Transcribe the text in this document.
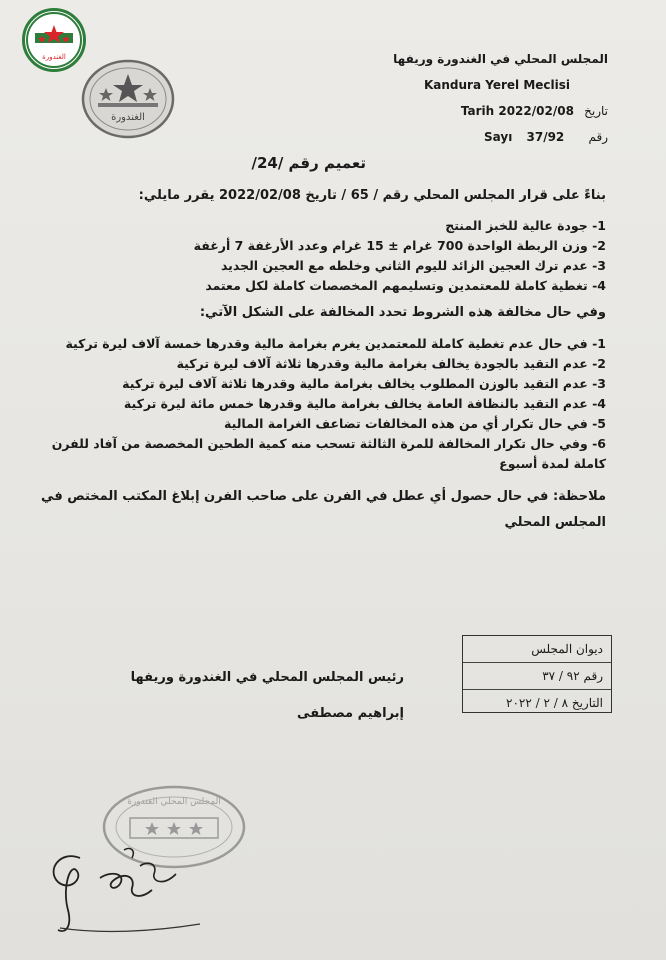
الغندورة
الغندورة
المجلس المحلي في الغندورة وريفها
Kandura Yerel Meclisi
Tarih 2022/02/08 تاريخ
Sayı 37/92 رقم
تعميم رقم /24/
بناءً على قرار المجلس المحلي رقم / 65 / تاريخ 2022/02/08 يقرر مايلي:
1- جودة عالية للخبز المنتج
2- وزن الربطة الواحدة 700 غرام ± 15 غرام وعدد الأرغفة 7 أرغفة
3- عدم ترك العجين الزائد لليوم الثاني وخلطه مع العجين الجديد
4- تغطية كاملة للمعتمدين وتسليمهم المخصصات كاملة لكل معتمد
وفي حال مخالفة هذه الشروط تحدد المخالفة على الشكل الآتي:
1- في حال عدم تغطية كاملة للمعتمدين يغرم بغرامة مالية وقدرها خمسة آلاف ليرة تركية
2- عدم التقيد بالجودة يخالف بغرامة مالية وقدرها ثلاثة آلاف ليرة تركية
3- عدم التقيد بالوزن المطلوب يخالف بغرامة مالية وقدرها ثلاثة آلاف ليرة تركية
4- عدم التقيد بالنظافة العامة يخالف بغرامة مالية وقدرها خمس مائة ليرة تركية
5- في حال تكرار أي من هذه المخالفات تضاعف الغرامة المالية
6- وفي حال تكرار المخالفة للمرة الثالثة تسحب منه كمية الطحين المخصصة من آفاد للفرن كاملة لمدة أسبوع
ملاحظة: في حال حصول أي عطل في الفرن على صاحب الفرن إبلاغ المكتب المختص في المجلس المحلي
رئيس المجلس المحلي في الغندورة وريفها
إبراهيم مصطفى
ديوان المجلس
رقم ٩٢ / ٣٧
التاريخ ٨ / ٢ / ٢٠٢٢
المجلس المحلي الغندورة
